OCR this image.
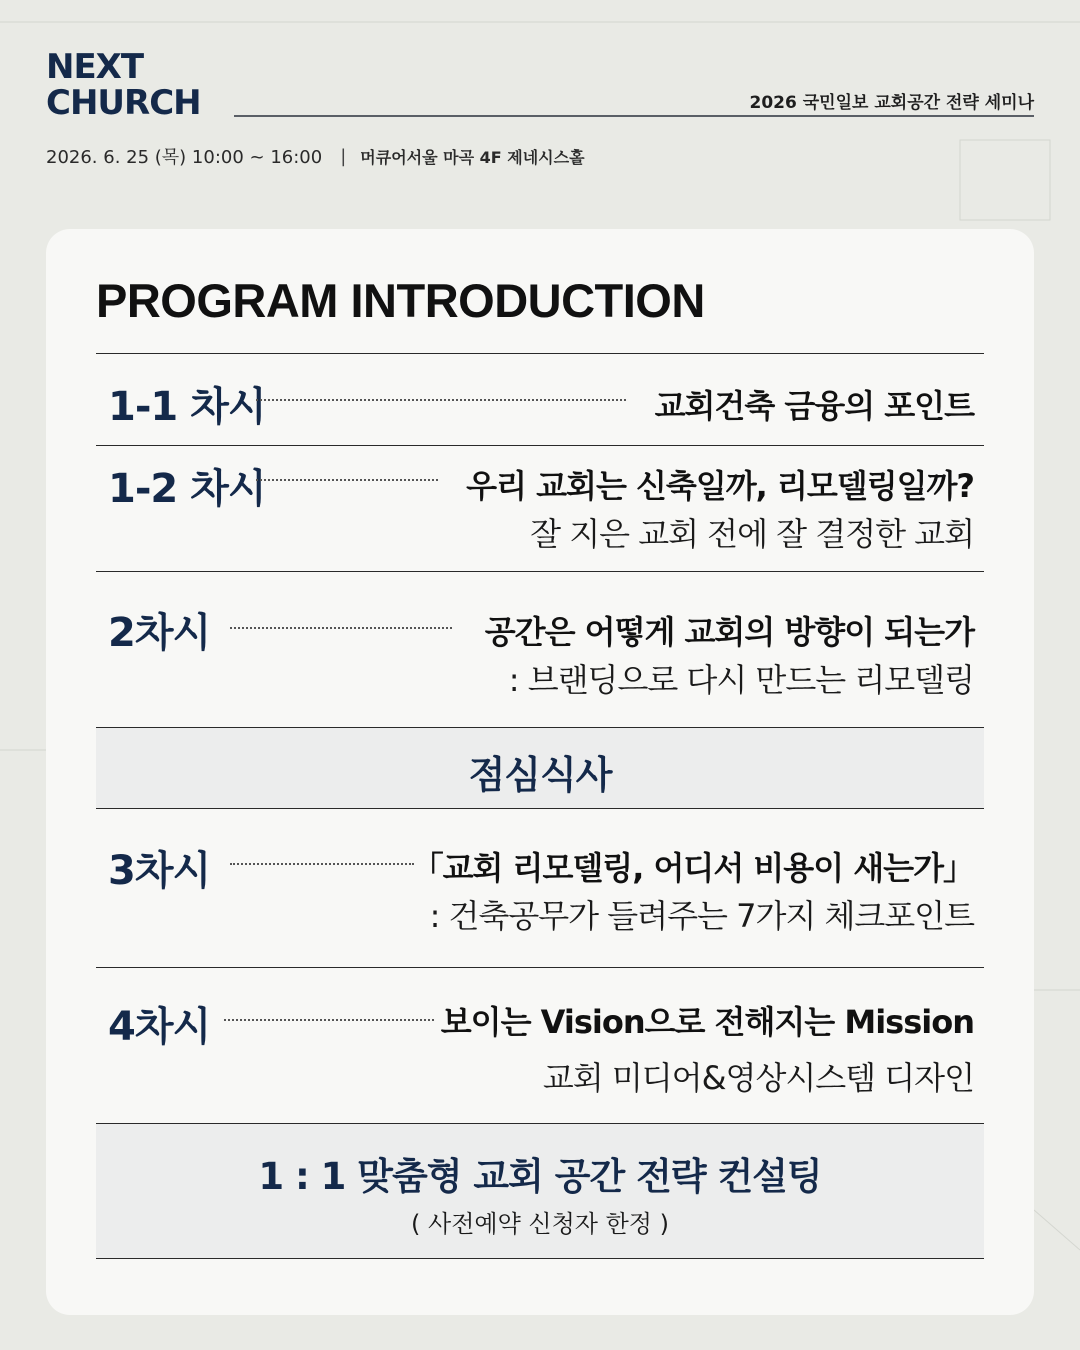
NEXT
CHURCH	2026 국민일보 교회공간 전략 세미나
2026. 6. 25 (목) 10:00 ~ 16:00 | 머큐어서울 마곡 4F 제네시스홀
PROGRAM INTRODUCTION
1-1 차시	교회건축 금융의 포인트
1-2 차시	우리 교회는 신축일까, 리모델링일까?
잘 지은 교회 전에 잘 결정한 교회
2차시	공간은 어떻게 교회의 방향이 되는가
: 브랜딩으로 다시 만드는 리모델링
점심식사
3차시	「교회 리모델링, 어디서 비용이 새는가」
: 건축공무가 들려주는 7가지 체크포인트
4차시	보이는 Vision으로 전해지는 Mission
교회 미디어&영상시스템 디자인
1 : 1 맞춤형 교회 공간 전략 컨설팅
( 사전예약 신청자 한정 )
